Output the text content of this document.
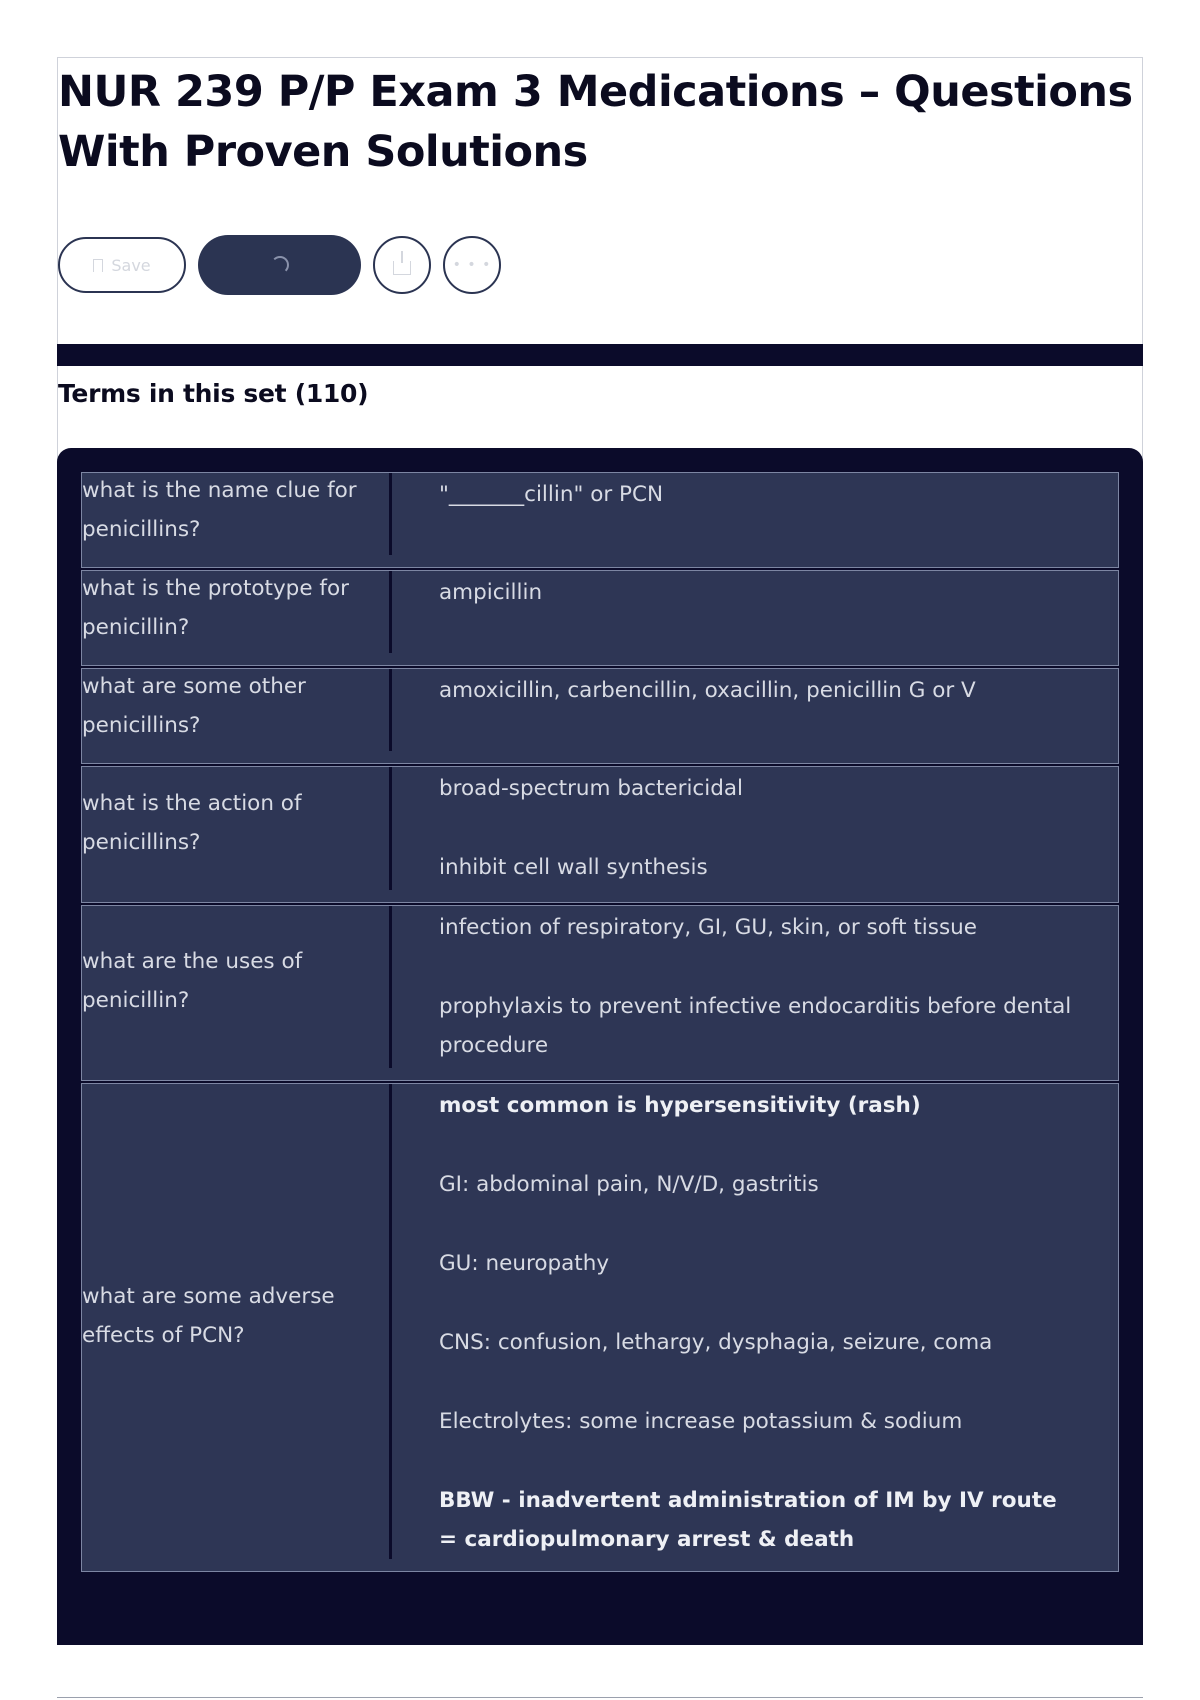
NUR 239 P/P Exam 3 Medications – Questions With Proven Solutions
Save	• • •
Terms in this set (110)
what is the name clue for penicillins?

"_______cillin" or PCN

what is the prototype for penicillin?

ampicillin

what are some other penicillins?

amoxicillin, carbencillin, oxacillin, penicillin G or V

what is the action of penicillins?

broad-spectrum bactericidal

inhibit cell wall synthesis

what are the uses of penicillin?

infection of respiratory, GI, GU, skin, or soft tissue

prophylaxis to prevent infective endocarditis before dental procedure

what are some adverse effects of PCN?

most common is hypersensitivity (rash)

GI: abdominal pain, N/V/D, gastritis

GU: neuropathy

CNS: confusion, lethargy, dysphagia, seizure, coma

Electrolytes: some increase potassium & sodium

BBW - inadvertent administration of IM by IV route = cardiopulmonary arrest & death
